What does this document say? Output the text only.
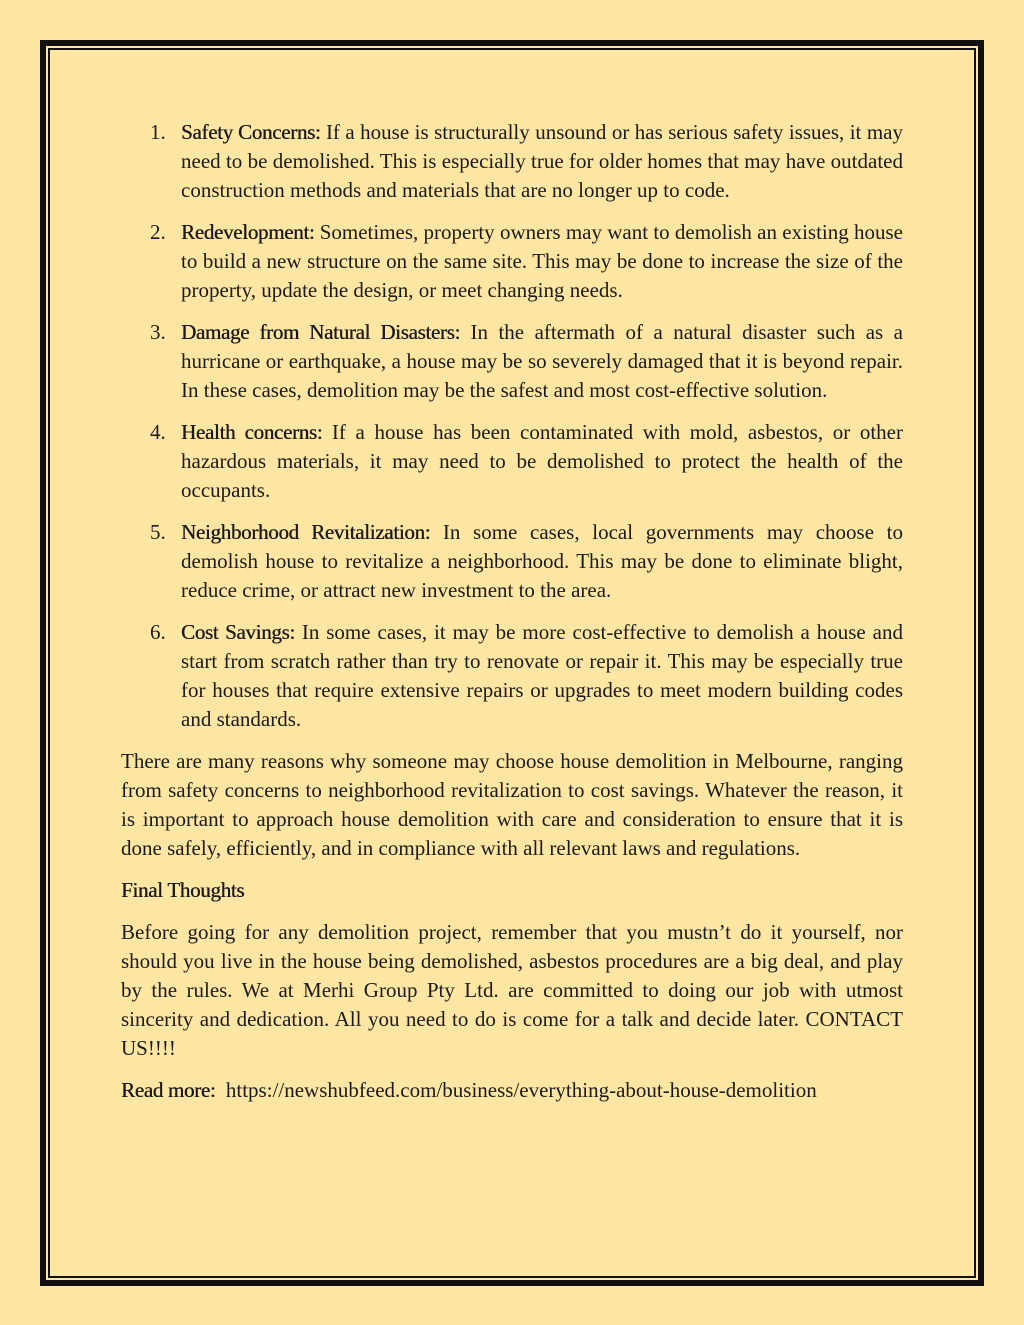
1. Safety Concerns: If a house is structurally unsound or has serious safety issues, it may need to be demolished. This is especially true for older homes that may have outdated construction methods and materials that are no longer up to code.
2. Redevelopment: Sometimes, property owners may want to demolish an existing house to build a new structure on the same site. This may be done to increase the size of the property, update the design, or meet changing needs.
3. Damage from Natural Disasters: In the aftermath of a natural disaster such as a hurricane or earthquake, a house may be so severely damaged that it is beyond repair. In these cases, demolition may be the safest and most cost-effective solution.
4. Health concerns: If a house has been contaminated with mold, asbestos, or other hazardous materials, it may need to be demolished to protect the health of the occupants.
5. Neighborhood Revitalization: In some cases, local governments may choose to demolish house to revitalize a neighborhood. This may be done to eliminate blight, reduce crime, or attract new investment to the area.
6. Cost Savings: In some cases, it may be more cost-effective to demolish a house and start from scratch rather than try to renovate or repair it. This may be especially true for houses that require extensive repairs or upgrades to meet modern building codes and standards.

There are many reasons why someone may choose house demolition in Melbourne, ranging from safety concerns to neighborhood revitalization to cost savings. Whatever the reason, it is important to approach house demolition with care and consideration to ensure that it is done safely, efficiently, and in compliance with all relevant laws and regulations.

Final Thoughts

Before going for any demolition project, remember that you mustn’t do it yourself, nor should you live in the house being demolished, asbestos procedures are a big deal, and play by the rules. We at Merhi Group Pty Ltd. are committed to doing our job with utmost sincerity and dedication. All you need to do is come for a talk and decide later. CONTACT US!!!!

Read more: https://newshubfeed.com/business/everything-about-house-demolition
